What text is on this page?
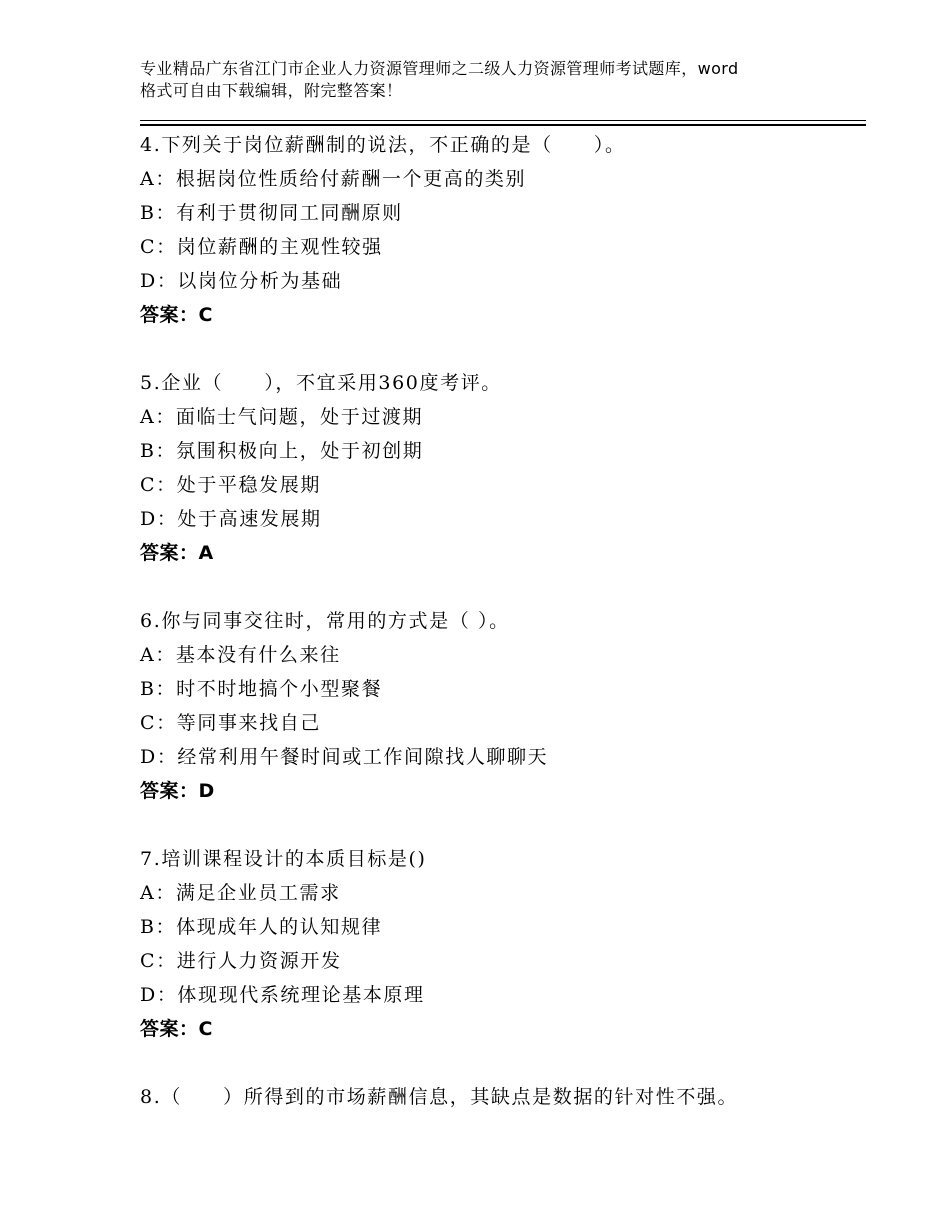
专业精品广东省江门市企业人力资源管理师之二级人力资源管理师考试题库，word
格式可自由下载编辑，附完整答案！
4.下列关于岗位薪酬制的说法，不正确的是（　　）。
A：根据岗位性质给付薪酬一个更高的类别
B：有利于贯彻同工同酬原则
C：岗位薪酬的主观性较强
D：以岗位分析为基础
答案：C
5.企业（　　），不宜采用360度考评。
A：面临士气问题，处于过渡期
B：氛围积极向上，处于初创期
C：处于平稳发展期
D：处于高速发展期
答案：A
6.你与同事交往时，常用的方式是（ ）。
A：基本没有什么来往
B：时不时地搞个小型聚餐
C：等同事来找自己
D：经常利用午餐时间或工作间隙找人聊聊天
答案：D
7.培训课程设计的本质目标是()
A：满足企业员工需求
B：体现成年人的认知规律
C：进行人力资源开发
D：体现现代系统理论基本原理
答案：C
8.（　　）所得到的市场薪酬信息，其缺点是数据的针对性不强。
